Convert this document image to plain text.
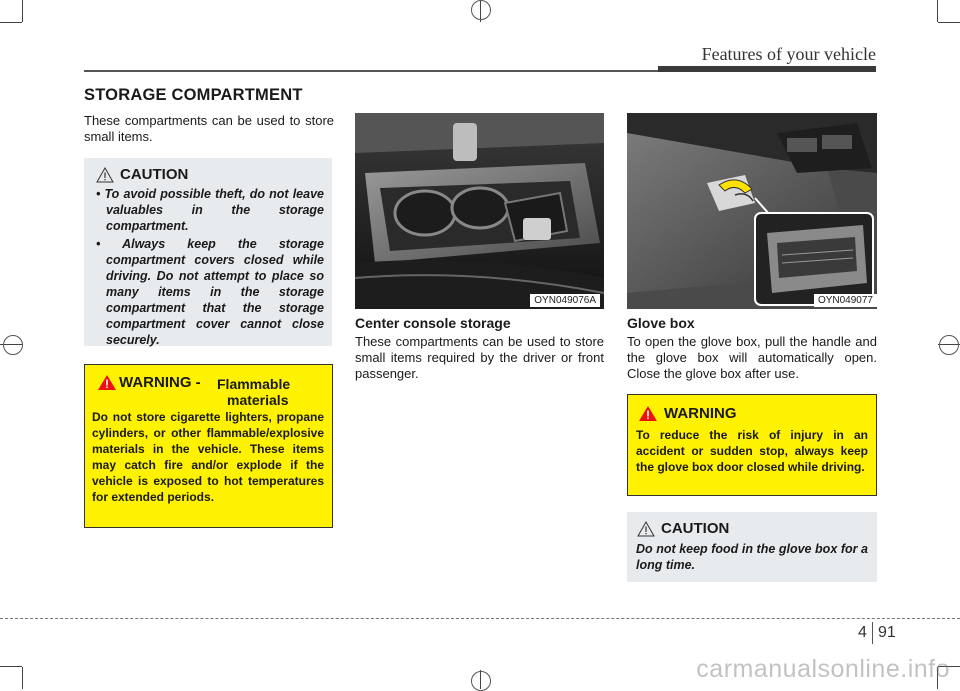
Features of your vehicle
STORAGE COMPARTMENT
These compartments can be used to store small items.
CAUTION
• To avoid possible theft, do not leave valuables in the storage compartment.
• Always keep the storage compartment covers closed while driving. Do not attempt to place so many items in the storage compartment that the storage compartment cover cannot close securely.
WARNING - Flammable
materials
Do not store cigarette lighters, propane cylinders, or other flammable/explosive materials in the vehicle. These items may catch fire and/or explode if the vehicle is exposed to hot temperatures for extended periods.
OYN049076A
Center console storage
These compartments can be used to store small items required by the driver or front passenger.
OYN049077
Glove box
To open the glove box, pull the handle and the glove box will automatically open. Close the glove box after use.
WARNING
To reduce the risk of injury in an accident or sudden stop, always keep the glove box door closed while driving.
CAUTION
Do not keep food in the glove box for a long time.
4 91
carmanualsonline.info
